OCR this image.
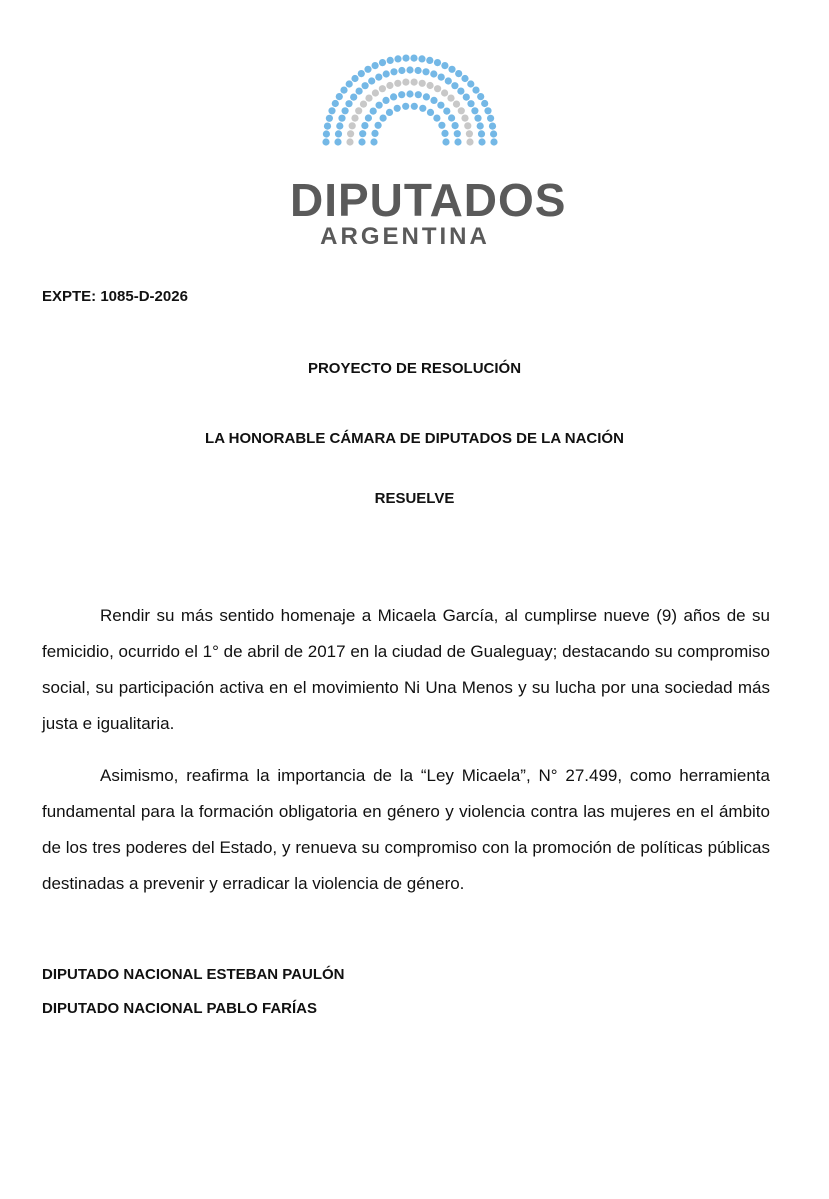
DIPUTADOS
ARGENTINA
EXPTE: 1085-D-2026
PROYECTO DE RESOLUCIÓN
LA HONORABLE CÁMARA DE DIPUTADOS DE LA NACIÓN
RESUELVE

Rendir su más sentido homenaje a Micaela García, al cumplirse nueve (9) años de su femicidio, ocurrido el 1° de abril de 2017 en la ciudad de Gualeguay; destacando su compromiso social, su participación activa en el movimiento Ni Una Menos y su lucha por una sociedad más justa e igualitaria.

Asimismo, reafirma la importancia de la “Ley Micaela”, N° 27.499, como herramienta fundamental para la formación obligatoria en género y violencia contra las mujeres en el ámbito de los tres poderes del Estado, y renueva su compromiso con la promoción de políticas públicas destinadas a prevenir y erradicar la violencia de género.

DIPUTADO NACIONAL ESTEBAN PAULÓN
DIPUTADO NACIONAL PABLO FARÍAS
